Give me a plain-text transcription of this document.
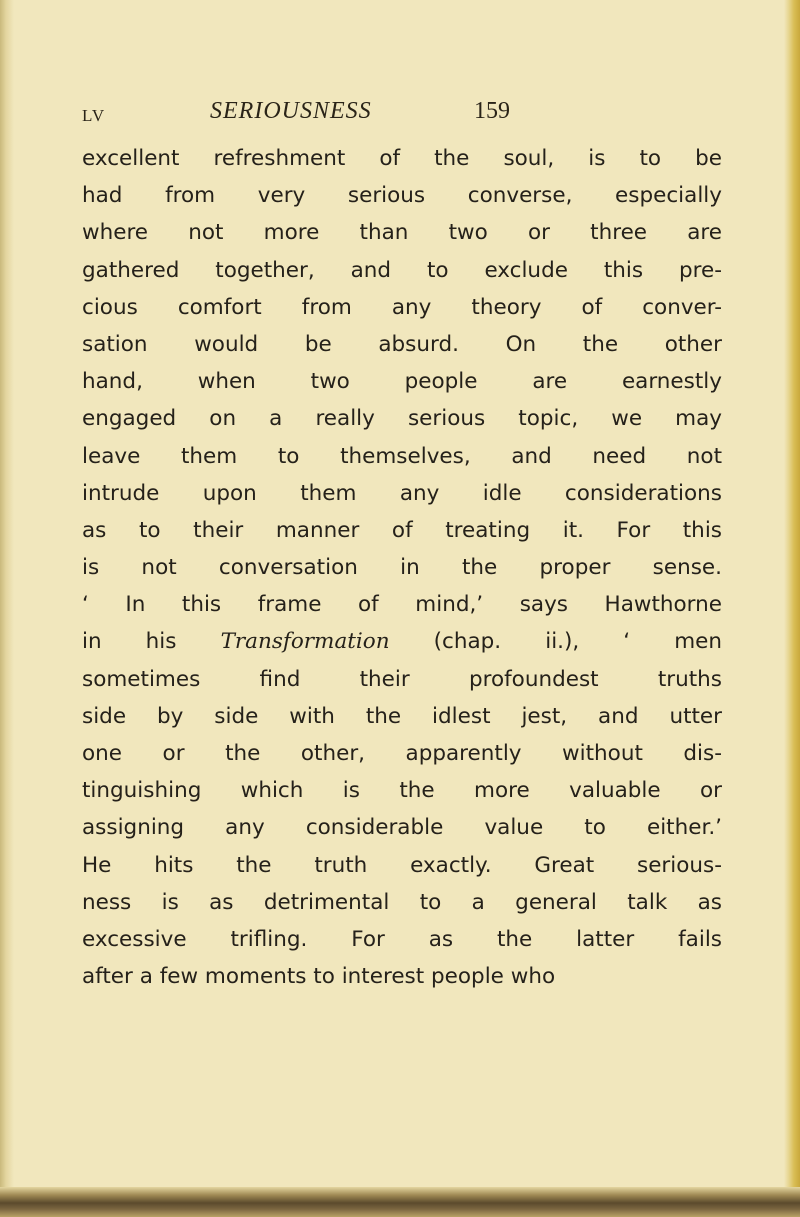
LV	SERIOUSNESS	159
excellent refreshment of the soul, is to be
had from very serious converse, especially
where not more than two or three are
gathered together, and to exclude this pre-
cious comfort from any theory of conver-
sation would be absurd. On the other
hand, when two people are earnestly
engaged on a really serious topic, we may
leave them to themselves, and need not
intrude upon them any idle considerations
as to their manner of treating it. For this
is not conversation in the proper sense.
‘ In this frame of mind,’ says Hawthorne
in his Transformation (chap. ii.), ‘ men
sometimes find their profoundest truths
side by side with the idlest jest, and utter
one or the other, apparently without dis-
tinguishing which is the more valuable or
assigning any considerable value to either.’
He hits the truth exactly. Great serious-
ness is as detrimental to a general talk as
excessive trifling. For as the latter fails
after a few moments to interest people who
